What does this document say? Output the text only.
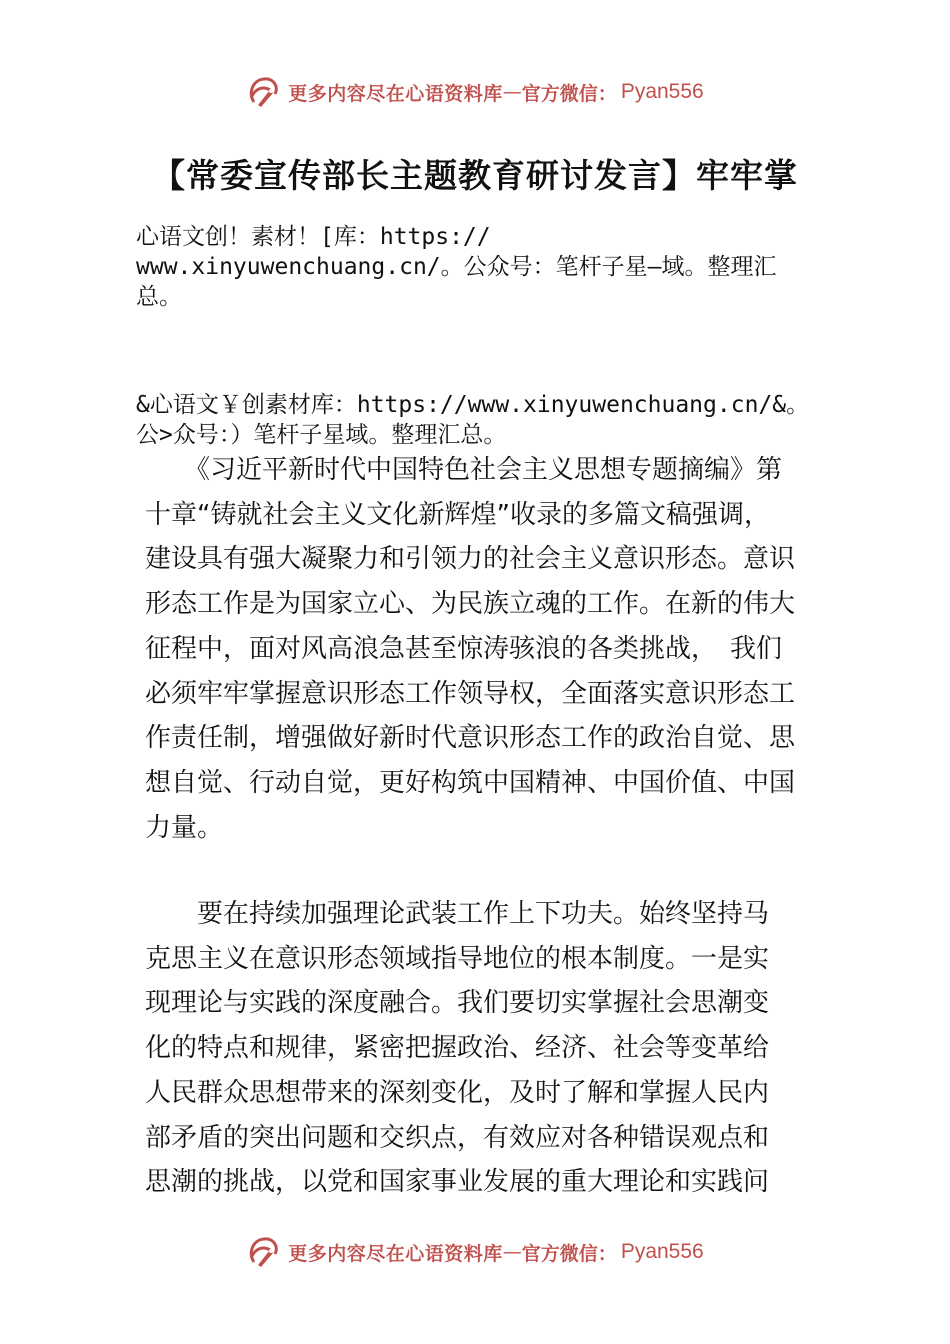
更多内容尽在心语资料库 — 官方微信： Pyan556
【常委宣传部长主题教育研讨发言】牢牢掌
心语文创！素材！[库：https://
www.xinyuwenchuang.cn/。公众号：笔杆子星—域。整理汇
总。
&心语文￥创素材库：https://www.xinyuwenchuang.cn/&。
公>众号：）笔杆子星域。整理汇总。
　　《习近平新时代中国特色社会主义思想专题摘编》第
十章“铸就社会主义文化新辉煌”收录的多篇文稿强调，
建设具有强大凝聚力和引领力的社会主义意识形态。意识
形态工作是为国家立心、为民族立魂的工作。在新的伟大
征程中，面对风高浪急甚至惊涛骇浪的各类挑战，　我们
必须牢牢掌握意识形态工作领导权，全面落实意识形态工
作责任制，增强做好新时代意识形态工作的政治自觉、思
想自觉、行动自觉，更好构筑中国精神、中国价值、中国
力量。
　　要在持续加强理论武装工作上下功夫。始终坚持马
克思主义在意识形态领域指导地位的根本制度。一是实
现理论与实践的深度融合。我们要切实掌握社会思潮变
化的特点和规律，紧密把握政治、经济、社会等变革给
人民群众思想带来的深刻变化，及时了解和掌握人民内
部矛盾的突出问题和交织点，有效应对各种错误观点和
思潮的挑战，以党和国家事业发展的重大理论和实践问
更多内容尽在心语资料库 — 官方微信： Pyan556
